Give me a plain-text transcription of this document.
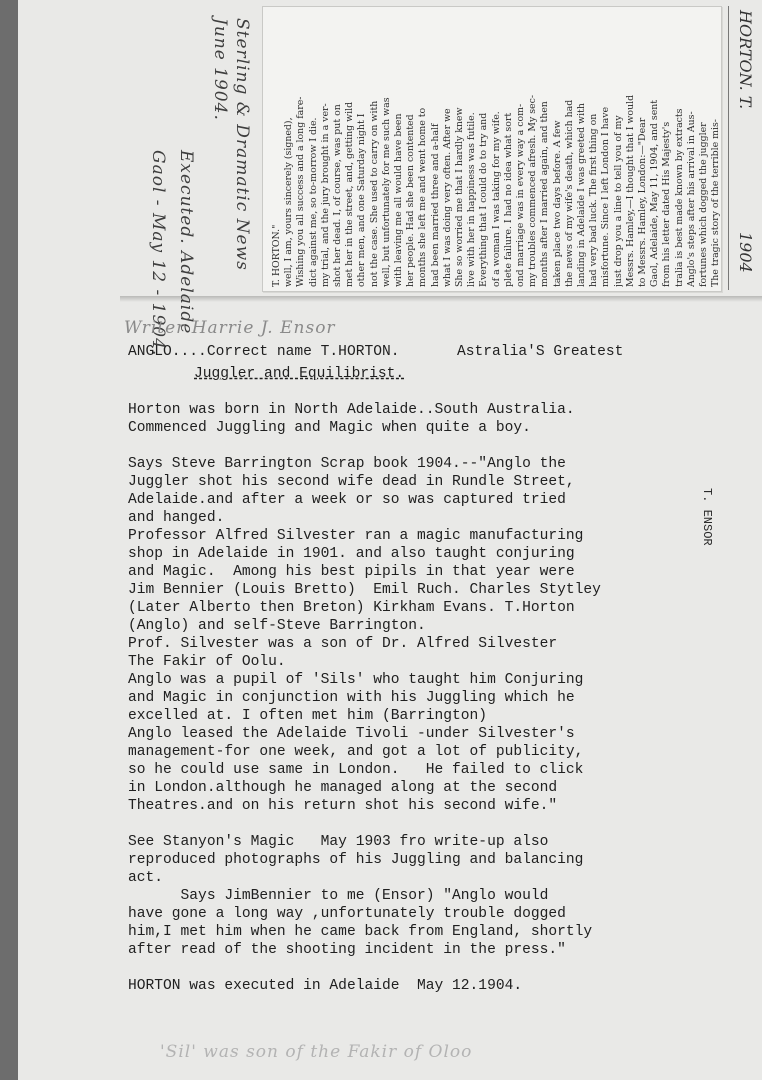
The tragic story of the terrible mis-
fortunes which dogged the juggler
Anglo's steps after his arrival in Aus-
tralia is best made known by extracts
from his letter dated His Majesty's
Gaol, Adelaide, May 11, 1904, and sent
to Messrs. Hamley, London:—"Dear
Messrs. Hamley,—I thought that I would
just drop you a line to tell you of my
misfortune. Since I left London I have
had very bad luck. The first thing on
landing in Adelaide I was greeted with
the news of my wife's death, which had
taken place two days before. A few
months after I married again, and then
my troubles commenced afresh. My sec-
ond marriage was in every way a com-
plete failure. I had no idea what sort
of a woman I was taking for my wife.
Everything that I could do to try and
live with her in happiness was futile.
She so worried me that I hardly knew
what I was doing very often. After we
had been married three and a-half
months she left me and went home to
her people. Had she been contented
with leaving me all would have been
well, but unfortunately for me such was
not the case. She used to carry on with
other men, and one Saturday night I
met her in the street, and, getting wild
shot her dead. I, of course, was put on
my trial, and the jury brought in a ver-
dict against me, so to-morrow I die.
Wishing you all success and a long fare-
well, I am, yours sincerely (signed),
T. HORTON."
Sterling & Dramatic News
June 1904.
Executed. Adelaide
Gaol - May 12 - 1904.
HORTON. T.
1904
Writer Harrie J. Ensor
ANGLO....Correct name T.HORTON.	Astralia'S Greatest
Juggler and Equilibrist.
T. ENSOR
Horton was born in North Adelaide..South Australia.
Commenced Juggling and Magic when quite a boy.
Says Steve Barrington Scrap book 1904.--"Anglo the
Juggler shot his second wife dead in Rundle Street,
Adelaide.and after a week or so was captured tried
and hanged.
Professor Alfred Silvester ran a magic manufacturing
shop in Adelaide in 1901. and also taught conjuring
and Magic.  Among his best pipils in that year were
Jim Bennier (Louis Bretto)  Emil Ruch. Charles Stytley
(Later Alberto then Breton) Kirkham Evans. T.Horton
(Anglo) and self-Steve Barrington.
Prof. Silvester was a son of Dr. Alfred Silvester
The Fakir of Oolu.
Anglo was a pupil of 'Sils' who taught him Conjuring
and Magic in conjunction with his Juggling which he
excelled at. I often met him (Barrington)
Anglo leased the Adelaide Tivoli -under Silvester's
management-for one week, and got a lot of publicity,
so he could use same in London.   He failed to click
in London.although he managed along at the second
Theatres.and on his return shot his second wife."
See Stanyon's Magic   May 1903 fro write-up also
reproduced photographs of his Juggling and balancing
act.
Says JimBennier to me (Ensor) "Anglo would
have gone a long way ,unfortunately trouble dogged
him,I met him when he came back from England, shortly
after read of the shooting incident in the press."
HORTON was executed in Adelaide  May 12.1904.
'Sil' was son of the Fakir of Oloo
